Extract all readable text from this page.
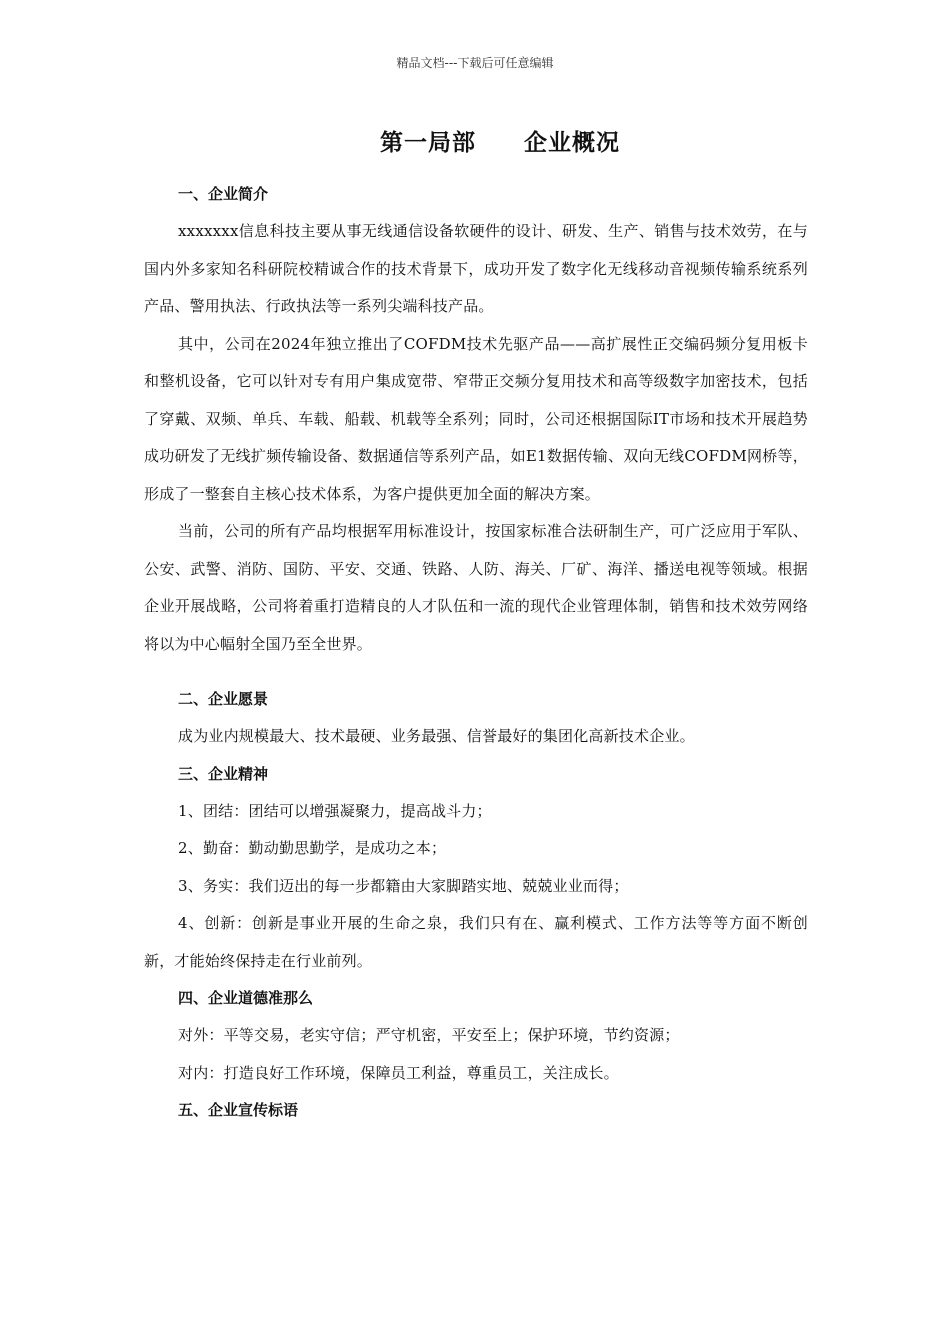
精品文档---下载后可任意编辑
第一局部　　企业概况
一、企业简介

xxxxxxx信息科技主要从事无线通信设备软硬件的设计、研发、生产、销售与技术效劳，在与国内外多家知名科研院校精诚合作的技术背景下，成功开发了数字化无线移动音视频传输系统系列产品、警用执法、行政执法等一系列尖端科技产品。

其中，公司在2024年独立推出了COFDM技术先驱产品——高扩展性正交编码频分复用板卡和整机设备，它可以针对专有用户集成宽带、窄带正交频分复用技术和高等级数字加密技术，包括了穿戴、双频、单兵、车载、船载、机载等全系列；同时，公司还根据国际IT市场和技术开展趋势成功研发了无线扩频传输设备、数据通信等系列产品，如E1数据传输、双向无线COFDM网桥等，形成了一整套自主核心技术体系，为客户提供更加全面的解决方案。

当前，公司的所有产品均根据军用标准设计，按国家标准合法研制生产，可广泛应用于军队、公安、武警、消防、国防、平安、交通、铁路、人防、海关、厂矿、海洋、播送电视等领域。根据企业开展战略，公司将着重打造精良的人才队伍和一流的现代企业管理体制，销售和技术效劳网络将以为中心幅射全国乃至全世界。

二、企业愿景

成为业内规模最大、技术最硬、业务最强、信誉最好的集团化高新技术企业。

三、企业精神

1、团结：团结可以增强凝聚力，提高战斗力；

2、勤奋：勤动勤思勤学，是成功之本；

3、务实：我们迈出的每一步都籍由大家脚踏实地、兢兢业业而得；

4、创新：创新是事业开展的生命之泉，我们只有在、赢利模式、工作方法等等方面不断创新，才能始终保持走在行业前列。

四、企业道德准那么

对外：平等交易，老实守信；严守机密，平安至上；保护环境，节约资源；

对内：打造良好工作环境，保障员工利益，尊重员工，关注成长。

五、企业宣传标语
